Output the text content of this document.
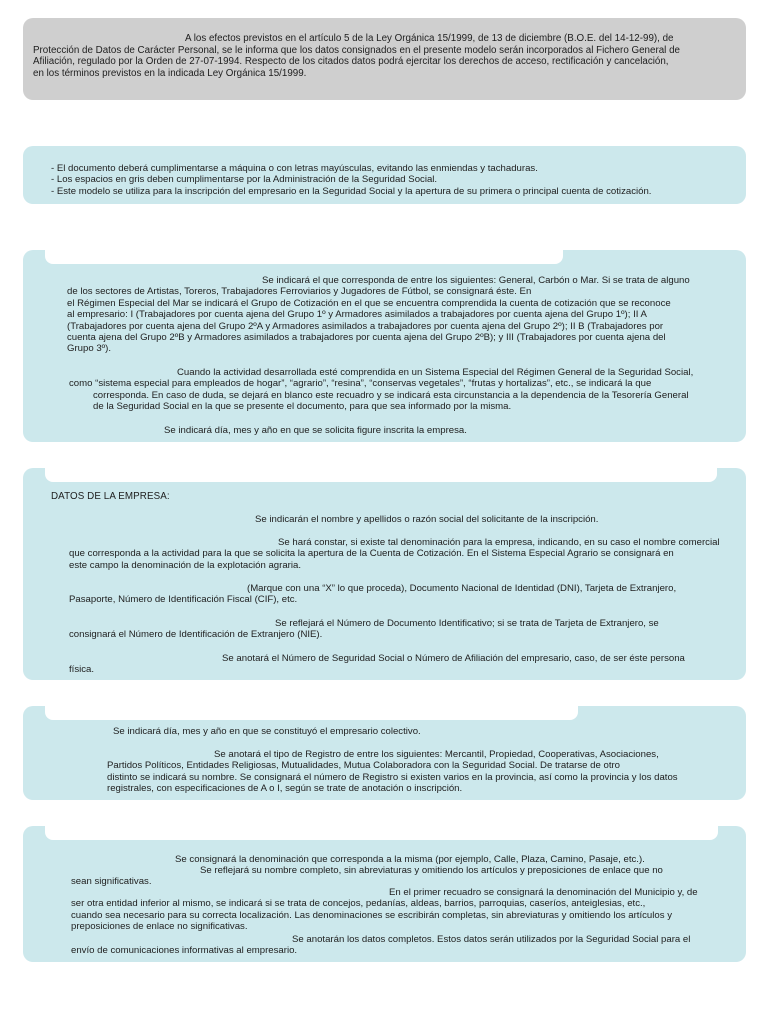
A los efectos previstos en el artículo 5 de la Ley Orgánica 15/1999, de 13 de diciembre (B.O.E. del 14-12-99), de
Protección de Datos de Carácter Personal, se le informa que los datos consignados en el presente modelo serán incorporados al Fichero General de
Afiliación, regulado por la Orden de 27-07-1994. Respecto de los citados datos podrá ejercitar los derechos de acceso, rectificación y cancelación,
en los términos previstos en la indicada Ley Orgánica 15/1999.
- El documento deberá cumplimentarse a máquina o con letras mayúsculas, evitando las enmiendas y tachaduras.
- Los espacios en gris deben cumplimentarse por la Administración de la Seguridad Social.
- Este modelo se utiliza para la inscripción del empresario en la Seguridad Social y la apertura de su primera o principal cuenta de cotización.
Se indicará el que corresponda de entre los siguientes: General, Carbón o Mar. Si se trata de alguno
de los sectores de Artistas, Toreros, Trabajadores Ferroviarios y Jugadores de Fútbol, se consignará éste. En
el Régimen Especial del Mar se indicará el Grupo de Cotización en el que se encuentra comprendida la cuenta de cotización que se reconoce
al empresario: I (Trabajadores por cuenta ajena del Grupo 1º y Armadores asimilados a trabajadores por cuenta ajena del Grupo 1º); II A
(Trabajadores por cuenta ajena del Grupo 2ºA y Armadores asimilados a trabajadores por cuenta ajena del Grupo 2º); II B (Trabajadores por
cuenta ajena del Grupo 2ºB y Armadores asimilados a trabajadores por cuenta ajena del Grupo 2ºB); y III (Trabajadores por cuenta ajena del
Grupo 3º).
Cuando la actividad desarrollada esté comprendida en un Sistema Especial del Régimen General de la Seguridad Social,
como “sistema especial para empleados de hogar”, “agrario”, “resina”, “conservas vegetales”, “frutas y hortalizas”, etc., se indicará la que
corresponda. En caso de duda, se dejará en blanco este recuadro y se indicará esta circunstancia a la dependencia de la Tesorería General
de la Seguridad Social en la que se presente el documento, para que sea informado por la misma.
Se indicará día, mes y año en que se solicita figure inscrita la empresa.
DATOS DE LA EMPRESA:
Se indicarán el nombre y apellidos o razón social del solicitante de la inscripción.
Se hará constar, si existe tal denominación para la empresa, indicando, en su caso el nombre comercial
que corresponda a la actividad para la que se solicita la apertura de la Cuenta de Cotización. En el Sistema Especial Agrario se consignará en
este campo la denominación de la explotación agraria.
(Marque con una “X” lo que proceda), Documento Nacional de Identidad (DNI), Tarjeta de Extranjero,
Pasaporte, Número de Identificación Fiscal (CIF), etc.
Se reflejará el Número de Documento Identificativo; si se trata de Tarjeta de Extranjero, se
consignará el Número de Identificación de Extranjero (NIE).
Se anotará el Número de Seguridad Social o Número de Afiliación del empresario, caso, de ser éste persona
física.
Se indicará día, mes y año en que se constituyó el empresario colectivo.
Se anotará el tipo de Registro de entre los siguientes: Mercantil, Propiedad, Cooperativas, Asociaciones,
Partidos Políticos, Entidades Religiosas, Mutualidades, Mutua Colaboradora con la Seguridad Social. De tratarse de otro
distinto se indicará su nombre. Se consignará el número de Registro si existen varios en la provincia, así como la provincia y los datos
registrales, con especificaciones de A o I, según se trate de anotación o inscripción.
Se consignará la denominación que corresponda a la misma (por ejemplo, Calle, Plaza, Camino, Pasaje, etc.).
Se reflejará su nombre completo, sin abreviaturas y omitiendo los artículos y preposiciones de enlace que no
sean significativas.
En el primer recuadro se consignará la denominación del Municipio y, de
ser otra entidad inferior al mismo, se indicará si se trata de concejos, pedanías, aldeas, barrios, parroquias, caseríos, anteiglesias, etc.,
cuando sea necesario para su correcta localización. Las denominaciones se escribirán completas, sin abreviaturas y omitiendo los artículos y
preposiciones de enlace no significativas.
Se anotarán los datos completos. Estos datos serán utilizados por la Seguridad Social para el
envío de comunicaciones informativas al empresario.
